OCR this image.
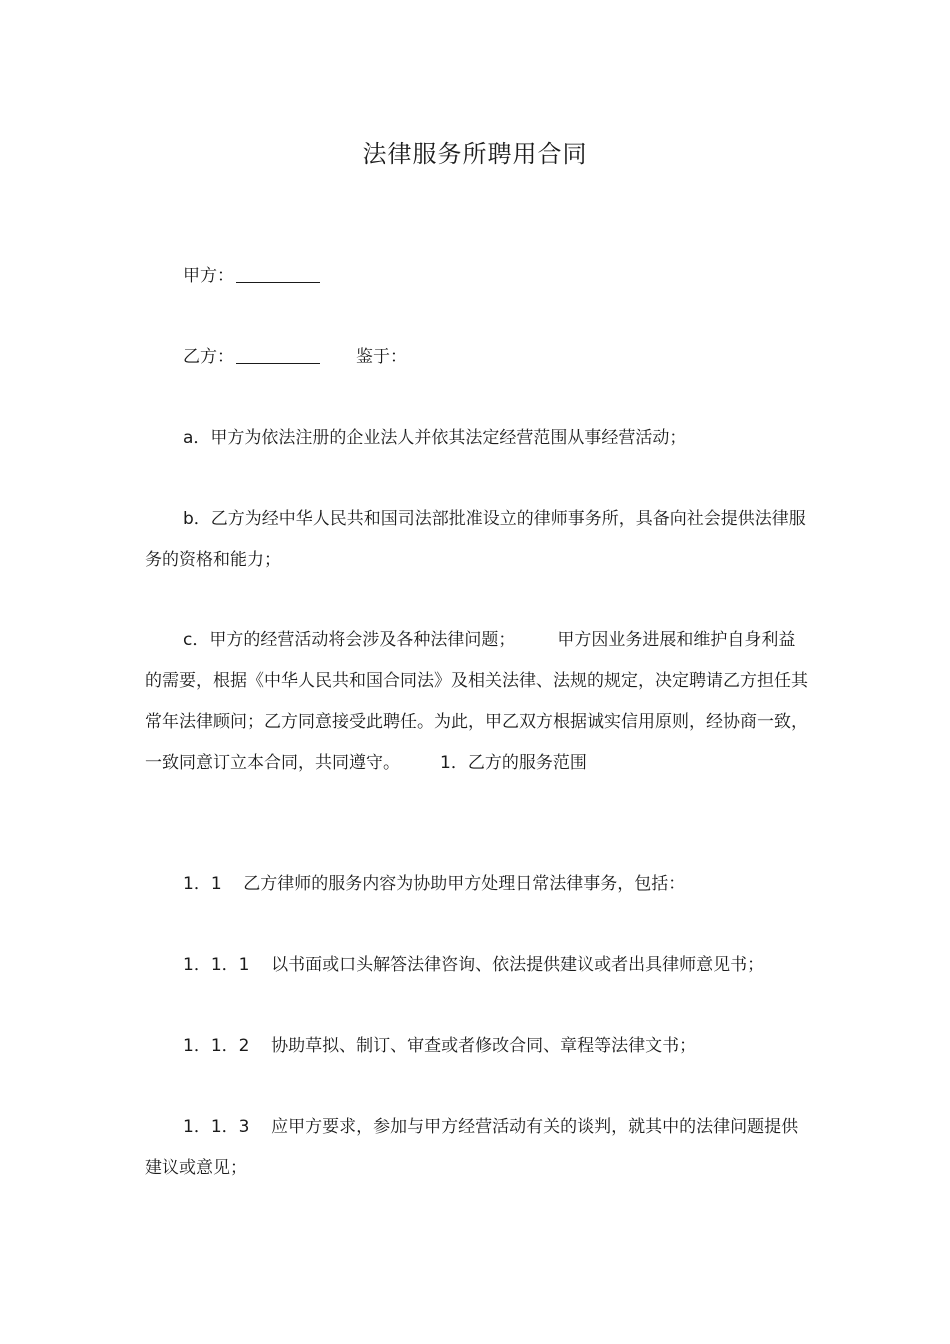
法律服务所聘用合同

甲方：

乙方：	鉴于：

a．甲方为依法注册的企业法人并依其法定经营范围从事经营活动；

b．乙方为经中华人民共和国司法部批准设立的律师事务所，具备向社会提供法律服务的资格和能力；

c．甲方的经营活动将会涉及各种法律问题； 甲方因业务进展和维护自身利益的需要，根据《中华人民共和国合同法》及相关法律、法规的规定，决定聘请乙方担任其常年法律顾问；乙方同意接受此聘任。为此，甲乙双方根据诚实信用原则，经协商一致，一致同意订立本合同，共同遵守。 1．乙方的服务范围

1．1 乙方律师的服务内容为协助甲方处理日常法律事务，包括：

1．1．1 以书面或口头解答法律咨询、依法提供建议或者出具律师意见书；

1．1．2 协助草拟、制订、审查或者修改合同、章程等法律文书；

1．1．3 应甲方要求，参加与甲方经营活动有关的谈判，就其中的法律问题提供建议或意见；
